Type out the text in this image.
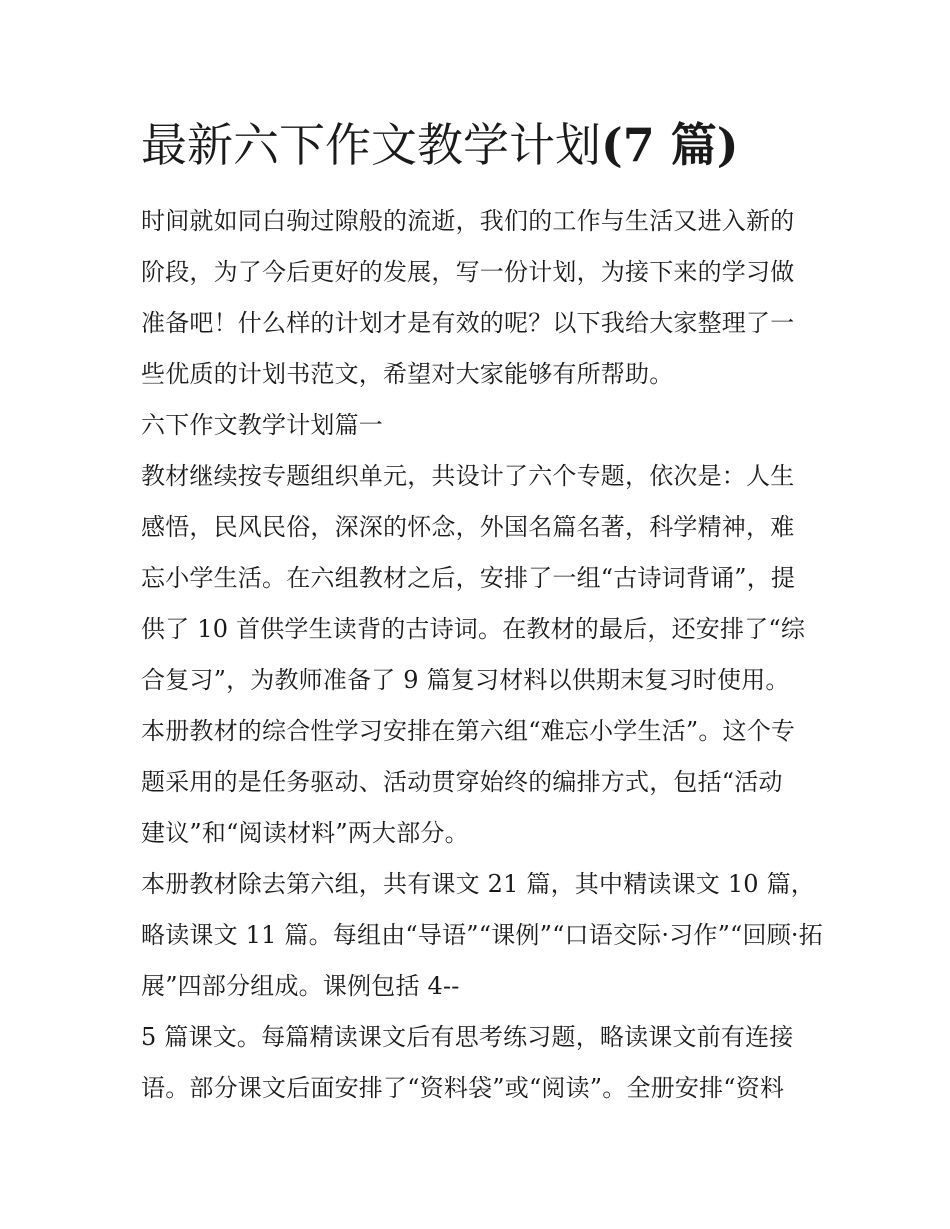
最新六下作文教学计划(7 篇)
时间就如同白驹过隙般的流逝，我们的工作与生活又进入新的
阶段，为了今后更好的发展，写一份计划，为接下来的学习做
准备吧！什么样的计划才是有效的呢？以下我给大家整理了一
些优质的计划书范文，希望对大家能够有所帮助。
六下作文教学计划篇一
教材继续按专题组织单元，共设计了六个专题，依次是：人生
感悟，民风民俗，深深的怀念，外国名篇名著，科学精神，难
忘小学生活。在六组教材之后，安排了一组“古诗词背诵”，提
供了 10 首供学生读背的古诗词。在教材的最后，还安排了“综
合复习”，为教师准备了 9 篇复习材料以供期末复习时使用。
本册教材的综合性学习安排在第六组“难忘小学生活”。这个专
题采用的是任务驱动、活动贯穿始终的编排方式，包括“活动
建议”和“阅读材料”两大部分。
本册教材除去第六组，共有课文 21 篇，其中精读课文 10 篇，
略读课文 11 篇。每组由“导语”“课例”“口语交际·习作”“回顾·拓
展”四部分组成。课例包括 4--
5 篇课文。每篇精读课文后有思考练习题，略读课文前有连接
语。部分课文后面安排了“资料袋”或“阅读”。全册安排“资料
